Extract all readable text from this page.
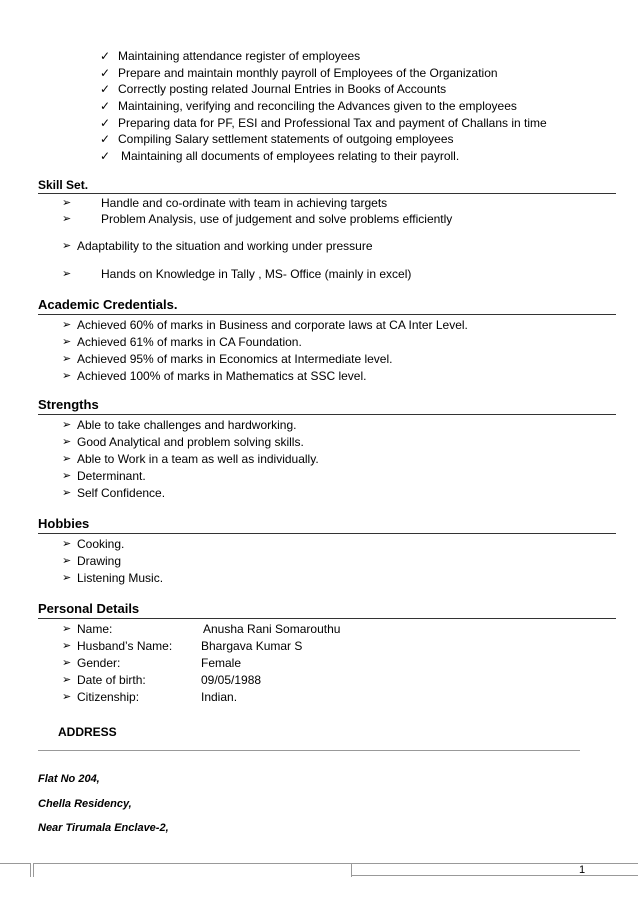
✓ Maintaining attendance register of employees
✓ Prepare and maintain monthly payroll of Employees of the Organization
✓ Correctly posting related Journal Entries in Books of Accounts
✓ Maintaining, verifying and reconciling the Advances given to the employees
✓ Preparing data for PF, ESI and Professional Tax and payment of Challans in time
✓ Compiling Salary settlement statements of outgoing employees
✓ Maintaining all documents of employees relating to their payroll.
Skill Set.
➢ Handle and co-ordinate with team in achieving targets
➢ Problem Analysis, use of judgement and solve problems efficiently
➢ Adaptability to the situation and working under pressure
➢ Hands on Knowledge in Tally , MS- Office (mainly in excel)
Academic Credentials.
➢ Achieved 60% of marks in Business and corporate laws at CA Inter Level.
➢ Achieved 61% of marks in CA Foundation.
➢ Achieved 95% of marks in Economics at Intermediate level.
➢ Achieved 100% of marks in Mathematics at SSC level.
Strengths
➢ Able to take challenges and hardworking.
➢ Good Analytical and problem solving skills.
➢ Able to Work in a team as well as individually.
➢ Determinant.
➢ Self Confidence.
Hobbies
➢ Cooking.
➢ Drawing
➢ Listening Music.
Personal Details
➢ Name:	Anusha Rani Somarouthu
➢ Husband’s Name: Bhargava Kumar S
➢ Gender:	Female
➢ Date of birth:	09/05/1988
➢ Citizenship:	Indian.
ADDRESS
Flat No 204,
Chella Residency,
Near Tirumala Enclave-2,
1
